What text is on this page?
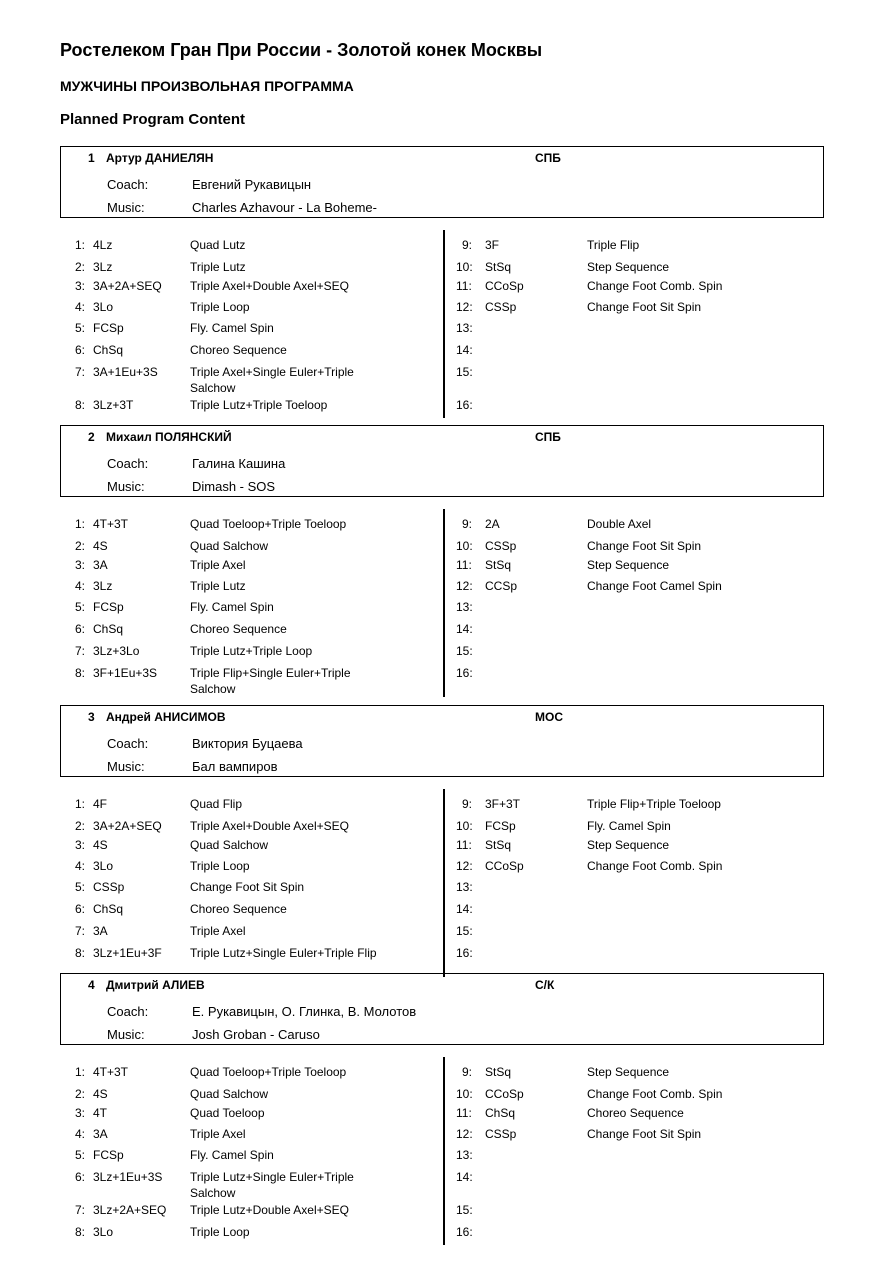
Ростелеком Гран При России - Золотой конек Москвы
МУЖЧИНЫ ПРОИЗВОЛЬНАЯ ПРОГРАММА
Planned Program Content
1 Артур ДАНИЕЛЯН	СПБ
Coach:	Евгений Рукавицын
Music:	Charles Azhavour - La Boheme-
1: 4Lz	Quad Lutz
2: 3Lz	Triple Lutz
3: 3A+2A+SEQ Triple Axel+Double Axel+SEQ
4: 3Lo	Triple Loop
5: FCSp	Fly. Camel Spin
6: ChSq	Choreo Sequence
7: 3A+1Eu+3S	Triple Axel+Single Euler+Triple Salchow
8: 3Lz+3T	Triple Lutz+Triple Toeloop
9: 3F	Triple Flip
10: StSq	Step Sequence
11: CCoSp	Change Foot Comb. Spin
12: CSSp	Change Foot Sit Spin
13:
14:
15:
16:
2 Михаил ПОЛЯНСКИЙ	СПБ
Coach:	Галина Кашина
Music:	Dimash - SOS
1: 4T+3T	Quad Toeloop+Triple Toeloop
2: 4S	Quad Salchow
3: 3A	Triple Axel
4: 3Lz	Triple Lutz
5: FCSp	Fly. Camel Spin
6: ChSq	Choreo Sequence
7: 3Lz+3Lo	Triple Lutz+Triple Loop
8: 3F+1Eu+3S	Triple Flip+Single Euler+Triple Salchow
9: 2A	Double Axel
10: CSSp	Change Foot Sit Spin
11: StSq	Step Sequence
12: CCSp	Change Foot Camel Spin
13:
14:
15:
16:
3 Андрей АНИСИМОВ	МОС
Coach:	Виктория Буцаева
Music:	Бал вампиров
1: 4F	Quad Flip
2: 3A+2A+SEQ Triple Axel+Double Axel+SEQ
3: 4S	Quad Salchow
4: 3Lo	Triple Loop
5: CSSp	Change Foot Sit Spin
6: ChSq	Choreo Sequence
7: 3A	Triple Axel
8: 3Lz+1Eu+3F Triple Lutz+Single Euler+Triple Flip
9: 3F+3T	Triple Flip+Triple Toeloop
10: FCSp	Fly. Camel Spin
11: StSq	Step Sequence
12: CCoSp	Change Foot Comb. Spin
13:
14:
15:
16:
4 Дмитрий АЛИЕВ	С/К
Coach:	Е. Рукавицын, О. Глинка, В. Молотов
Music:	Josh Groban - Caruso
1: 4T+3T	Quad Toeloop+Triple Toeloop
2: 4S	Quad Salchow
3: 4T	Quad Toeloop
4: 3A	Triple Axel
5: FCSp	Fly. Camel Spin
6: 3Lz+1Eu+3S Triple Lutz+Single Euler+Triple Salchow
7: 3Lz+2A+SEQ Triple Lutz+Double Axel+SEQ
8: 3Lo	Triple Loop
9: StSq	Step Sequence
10: CCoSp	Change Foot Comb. Spin
11: ChSq	Choreo Sequence
12: CSSp	Change Foot Sit Spin
13:
14:
15:
16:
